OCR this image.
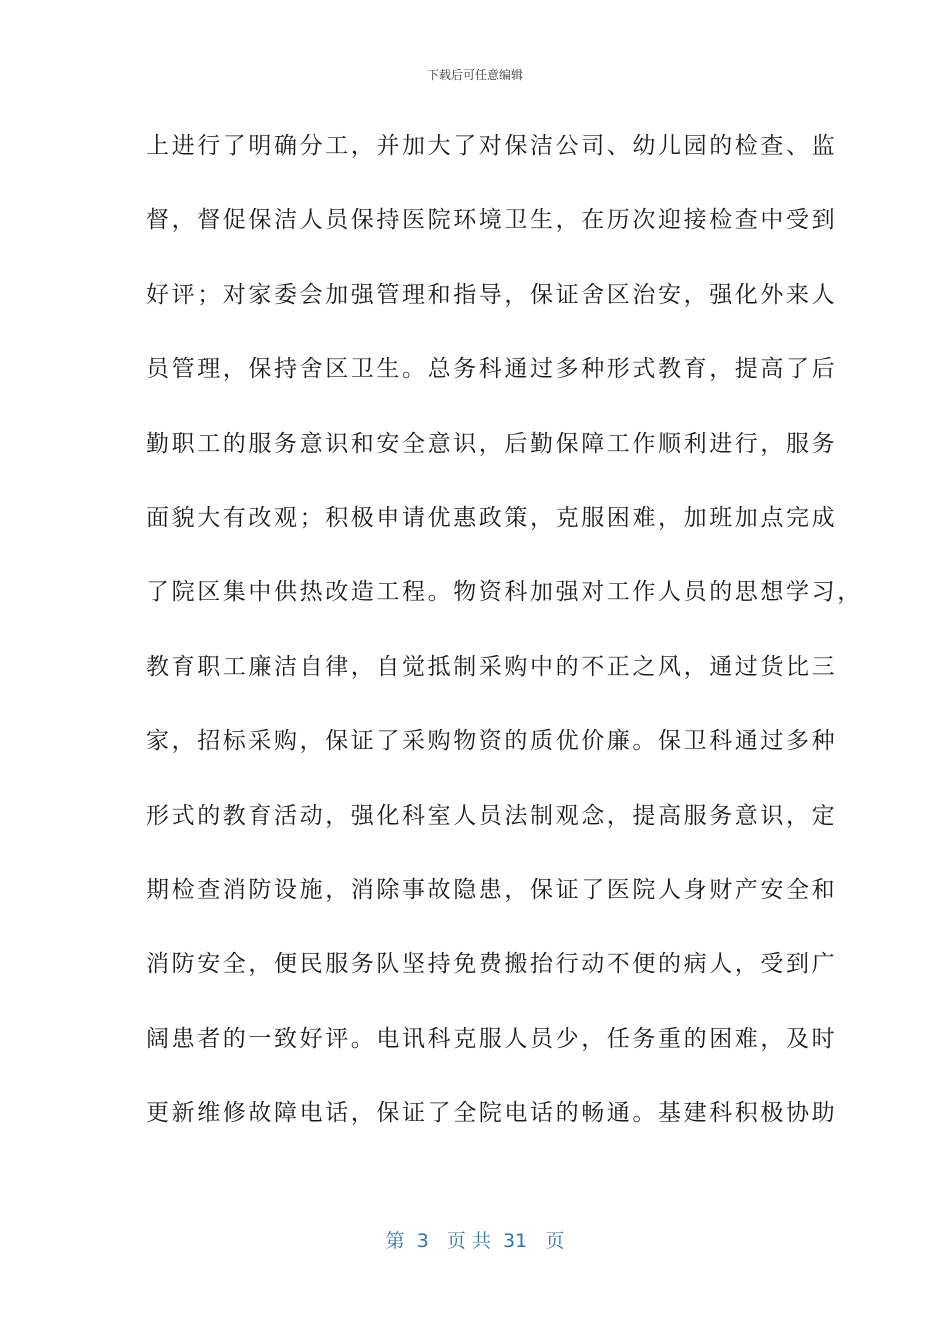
下载后可任意编辑
上进行了明确分工，并加大了对保洁公司、幼儿园的检查、监
督，督促保洁人员保持医院环境卫生，在历次迎接检查中受到
好评；对家委会加强管理和指导，保证舍区治安，强化外来人
员管理，保持舍区卫生。总务科通过多种形式教育，提高了后
勤职工的服务意识和安全意识，后勤保障工作顺利进行，服务
面貌大有改观；积极申请优惠政策，克服困难，加班加点完成
了院区集中供热改造工程。物资科加强对工作人员的思想学习，
教育职工廉洁自律，自觉抵制采购中的不正之风，通过货比三
家，招标采购，保证了采购物资的质优价廉。保卫科通过多种
形式的教育活动，强化科室人员法制观念，提高服务意识，定
期检查消防设施，消除事故隐患，保证了医院人身财产安全和
消防安全，便民服务队坚持免费搬抬行动不便的病人，受到广
阔患者的一致好评。电讯科克服人员少，任务重的困难，及时
更新维修故障电话，保证了全院电话的畅通。基建科积极协助
第  3   页 共  31   页
